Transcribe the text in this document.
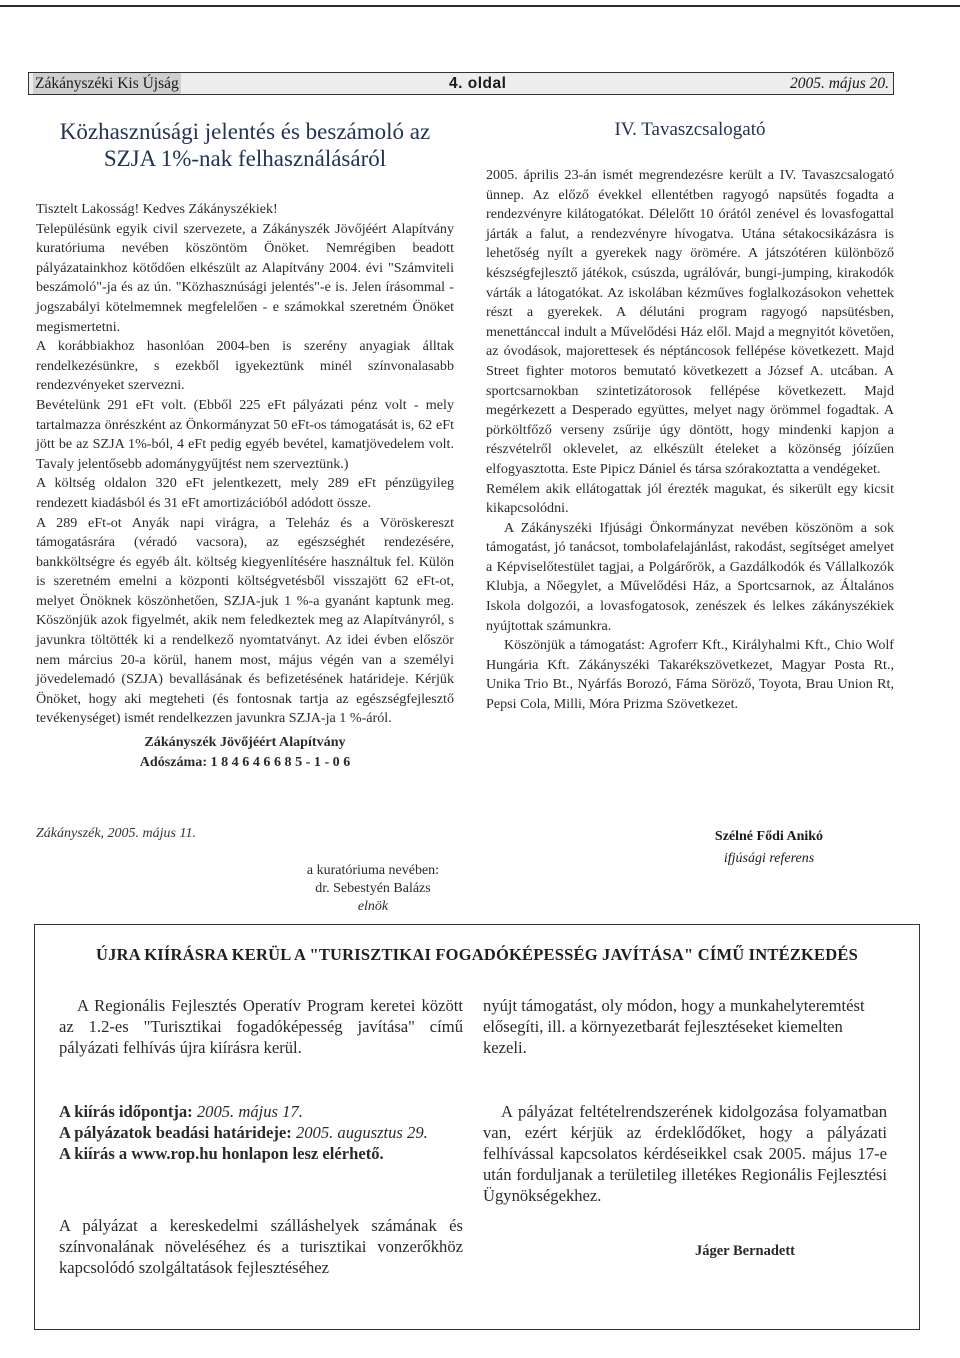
Zákányszéki Kis Újság	4. oldal	2005. május 20.
Közhasznúsági jelentés és beszámoló az
SZJA 1%-nak felhasználásáról

Tisztelt Lakosság! Kedves Zákányszékiek!

Településünk egyik civil szervezete, a Zákányszék Jövőjéért Alapítvány kuratóriuma nevében köszöntöm Önöket. Nemrégiben beadott pályázatainkhoz kötődően elkészült az Alapítvány 2004. évi "Számviteli beszámoló"-ja és az ún. "Közhasznúsági jelentés"-e is. Jelen írásommal - jogszabályi kötelmemnek megfelelően - e számokkal szeretném Önöket megismertetni.

A korábbiakhoz hasonlóan 2004-ben is szerény anyagiak álltak rendelkezésünkre, s ezekből igyekeztünk minél színvonalasabb rendezvényeket szervezni.

Bevételünk 291 eFt volt. (Ebből 225 eFt pályázati pénz volt - mely tartalmazza önrészként az Önkormányzat 50 eFt-os támogatását is, 62 eFt jött be az SZJA 1%-ból, 4 eFt pedig egyéb bevétel, kamatjövedelem volt. Tavaly jelentősebb adománygyűjtést nem szerveztünk.)

A költség oldalon 320 eFt jelentkezett, mely 289 eFt pénzügyileg rendezett kiadásból és 31 eFt amortizációból adódott össze.

A 289 eFt-ot Anyák napi virágra, a Teleház és a Vöröskereszt támogatásrára (véradó vacsora), az egészséghét rendezésére, bankköltségre és egyéb ált. költség kiegyenlítésére használtuk fel. Külön is szeretném emelni a központi költségvetésből visszajött 62 eFt-ot, melyet Önöknek köszönhetően, SZJA-juk 1 %-a gyanánt kaptunk meg. Köszönjük azok figyelmét, akik nem feledkeztek meg az Alapítványról, s javunkra töltötték ki a rendelkező nyomtatványt. Az idei évben először nem március 20-a körül, hanem most, május végén van a személyi jövedelemadó (SZJA) bevallásának és befizetésének határideje. Kérjük Önöket, hogy aki megteheti (és fontosnak tartja az egészségfejlesztő tevékenységet) ismét rendelkezzen javunkra SZJA-ja 1 %-áról.

Zákányszék Jövőjéért Alapítvány

Adószáma: 1 8 4 6 4 6 6 8 5 - 1 - 0 6

Zákányszék, 2005. május 11.
a kuratóriuma nevében:
dr. Sebestyén Balázs
elnök
IV. Tavaszcsalogató

2005. április 23-án ismét megrendezésre került a IV. Tavaszcsalogató ünnep. Az előző évekkel ellentétben ragyogó napsütés fogadta a rendezvényre kilátogatókat. Délelőtt 10 órától zenével és lovasfogattal járták a falut, a rendezvényre hívogatva. Utána sétakocsikázásra is lehetőség nyílt a gyerekek nagy örömére. A játszótéren különböző készségfejlesztő játékok, csúszda, ugrálóvár, bungi-jumping, kirakodók várták a látogatókat. Az iskolában kézműves foglalkozásokon vehettek részt a gyerekek. A délutáni program ragyogó napsütésben, menettánccal indult a Művelődési Ház elől. Majd a megnyitót követően, az óvodások, majorettesek és néptáncosok fellépése következett. Majd Street fighter motoros bemutató következett a József A. utcában. A sportcsarnokban szintetizátorosok fellépése következett. Majd megérkezett a Desperado együttes, melyet nagy örömmel fogadtak. A pörköltfőző verseny zsűrije úgy döntött, hogy mindenki kapjon a részvételről oklevelet, az elkészült ételeket a közönség jóízűen elfogyasztotta. Este Pipicz Dániel és társa szórakoztatta a vendégeket.

Remélem akik ellátogattak jól érezték magukat, és sikerült egy kicsit kikapcsolódni.

A Zákányszéki Ifjúsági Önkormányzat nevében köszönöm a sok támogatást, jó tanácsot, tombolafelajánlást, rakodást, segítséget amelyet a Képviselőtestület tagjai, a Polgárőrök, a Gazdálkodók és Vállalkozók Klubja, a Nőegylet, a Művelődési Ház, a Sportcsarnok, az Általános Iskola dolgozói, a lovasfogatosok, zenészek és lelkes zákányszékiek nyújtottak számunkra.

Köszönjük a támogatást: Agroferr Kft., Királyhalmi Kft., Chio Wolf Hungária Kft. Zákányszéki Takarékszövetkezet, Magyar Posta Rt., Unika Trio Bt., Nyárfás Borozó, Fáma Söröző, Toyota, Brau Union Rt, Pepsi Cola, Milli, Móra Prizma Szövetkezet.

Szélné Fődi Anikó
ifjúsági referens
ÚJRA KIÍRÁSRA KERÜL A "TURISZTIKAI FOGADÓKÉPESSÉG JAVÍTÁSA" CÍMŰ INTÉZKEDÉS

A Regionális Fejlesztés Operatív Program keretei között az 1.2-es "Turisztikai fogadóképesség javítása" című pályázati felhívás újra kiírásra kerül.

nyújt támogatást, oly módon, hogy a munkahelyteremtést elősegíti, ill. a környezetbarát fejlesztéseket kiemelten kezeli.

A kiírás időpontja: 2005. május 17.

A pályázatok beadási határideje: 2005. augusztus 29.

A kiírás a www.rop.hu honlapon lesz elérhető.

A pályázat feltételrendszerének kidolgozása folyamatban van, ezért kérjük az érdeklődőket, hogy a pályázati felhívással kapcsolatos kérdéseikkel csak 2005. május 17-e után forduljanak a területileg illetékes Regionális Fejlesztési Ügynökségekhez.

A pályázat a kereskedelmi szálláshelyek számának és színvonalának növeléséhez és a turisztikai vonzerőkhöz kapcsolódó szolgáltatások fejlesztéséhez

Jáger Bernadett
